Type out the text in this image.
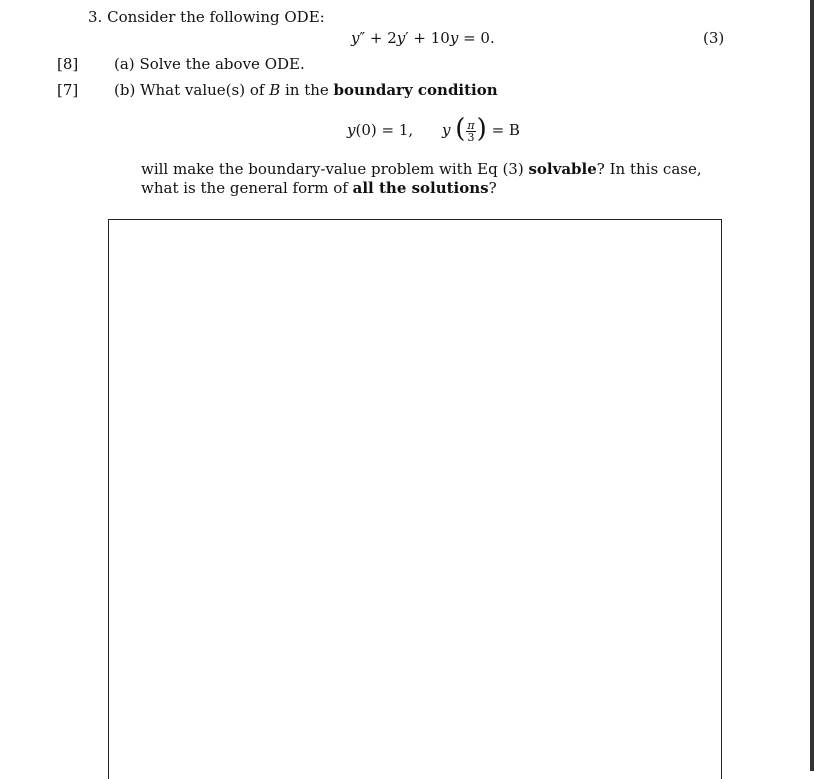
3. Consider the following ODE:
y″ + 2y′ + 10y = 0.	(3)
[8] (a) Solve the above ODE.
[7] (b) What value(s) of B in the boundary condition
y(0) = 1, y ( $\frac{\pi}{3}$ ) = B
will make the boundary-value problem with Eq (3) solvable? In this case, what is the general form of all the solutions?
